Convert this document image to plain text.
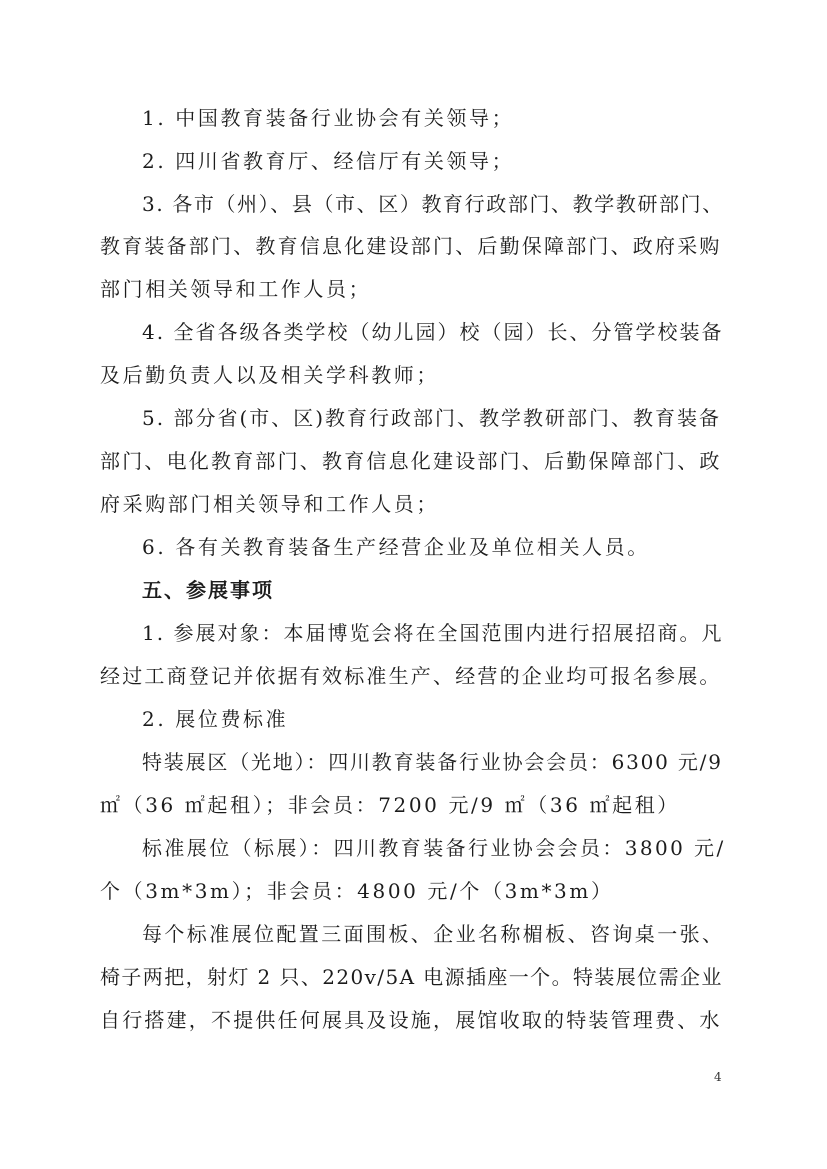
1. 中国教育装备行业协会有关领导；
2. 四川省教育厅、经信厅有关领导；
3. 各市（州）、县（市、区）教育行政部门、教学教研部门、
教育装备部门、教育信息化建设部门、后勤保障部门、政府采购
部门相关领导和工作人员；
4. 全省各级各类学校（幼儿园）校（园）长、分管学校装备
及后勤负责人以及相关学科教师；
5. 部分省(市、区)教育行政部门、教学教研部门、教育装备
部门、电化教育部门、教育信息化建设部门、后勤保障部门、政
府采购部门相关领导和工作人员；
6. 各有关教育装备生产经营企业及单位相关人员。
五、参展事项
1. 参展对象：本届博览会将在全国范围内进行招展招商。凡
经过工商登记并依据有效标准生产、经营的企业均可报名参展。
2. 展位费标准
特装展区（光地）：四川教育装备行业协会会员：6300 元/9
㎡（36 ㎡起租）；非会员：7200 元/9 ㎡（36 ㎡起租）
标准展位（标展）：四川教育装备行业协会会员：3800 元/
个（3m*3m）；非会员：4800 元/个（3m*3m）
每个标准展位配置三面围板、企业名称楣板、咨询桌一张、
椅子两把，射灯 2 只、220v/5A 电源插座一个。特装展位需企业
自行搭建，不提供任何展具及设施，展馆收取的特装管理费、水
4
